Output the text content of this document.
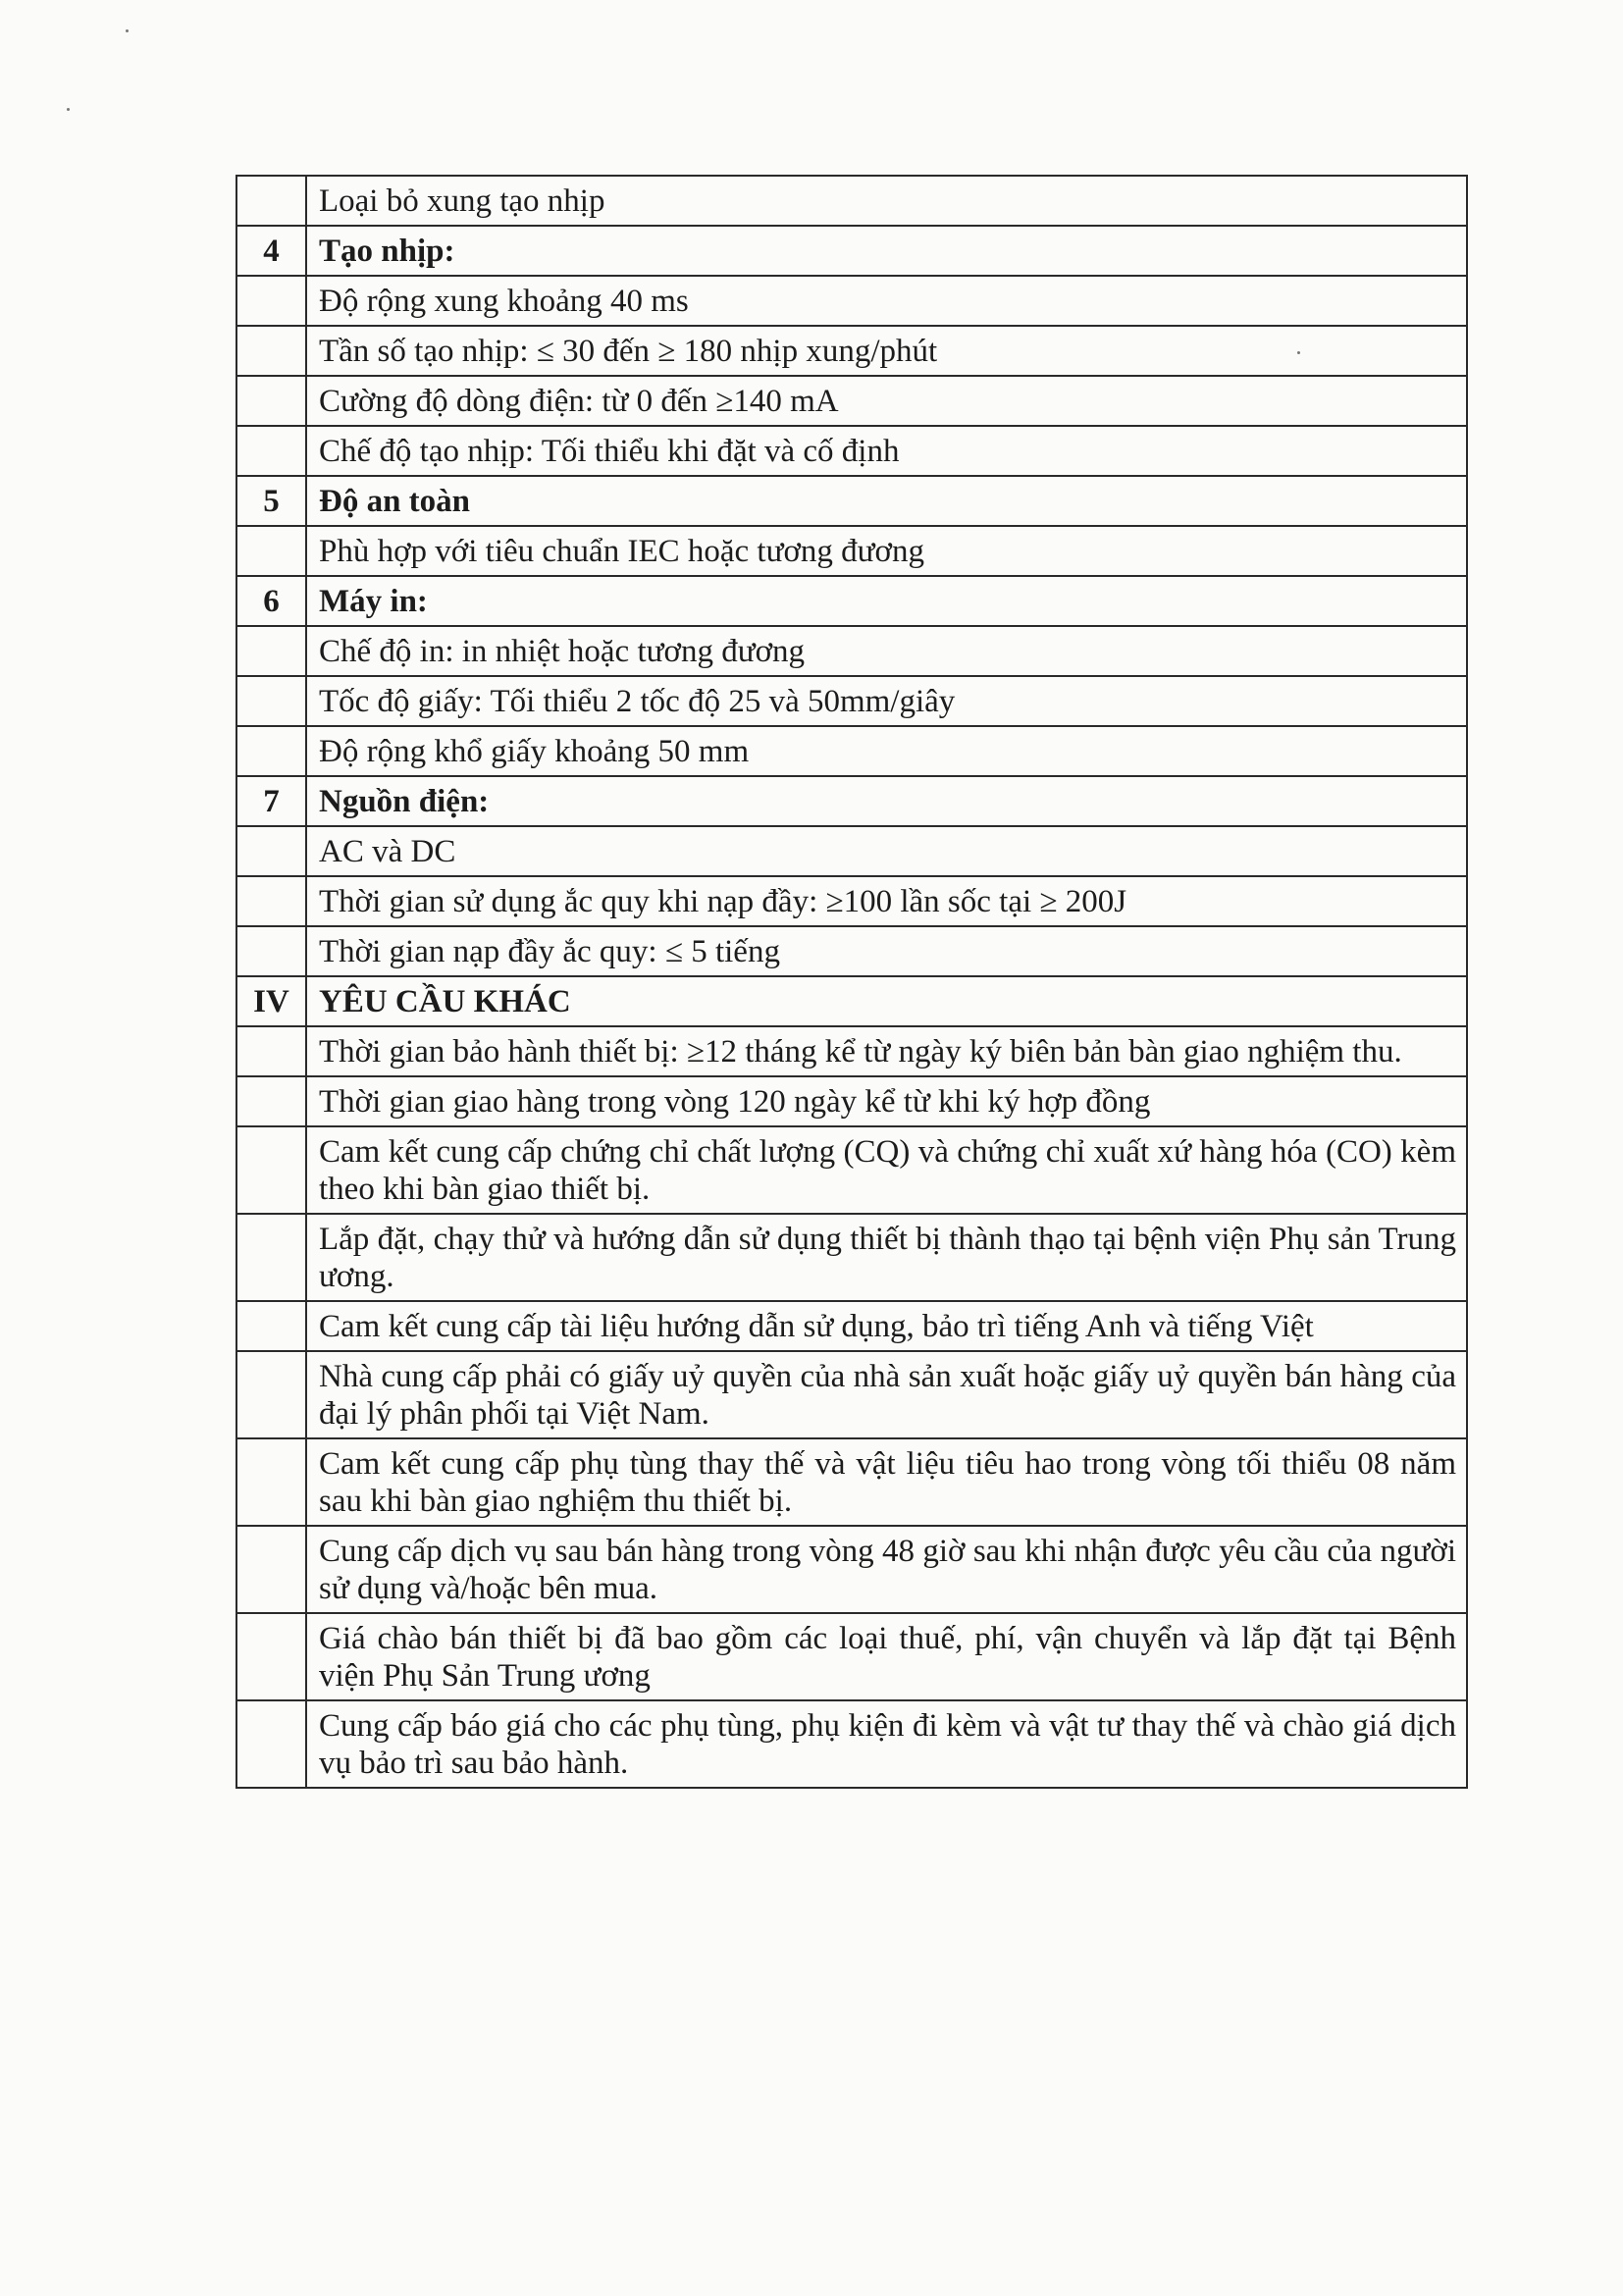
	Loại bỏ xung tạo nhịp
4	Tạo nhịp:
	Độ rộng xung khoảng 40 ms
	Tần số tạo nhịp: ≤ 30 đến ≥ 180 nhịp xung/phút
	Cường độ dòng điện: từ 0 đến ≥140 mA
	Chế độ tạo nhịp: Tối thiểu khi đặt và cố định
5	Độ an toàn
	Phù hợp với tiêu chuẩn IEC hoặc tương đương
6	Máy in:
	Chế độ in: in nhiệt hoặc tương đương
	Tốc độ giấy: Tối thiểu 2 tốc độ 25 và 50mm/giây
	Độ rộng khổ giấy khoảng 50 mm
7	Nguồn điện:
	AC và DC
	Thời gian sử dụng ắc quy khi nạp đầy: ≥100 lần sốc tại ≥ 200J
	Thời gian nạp đầy ắc quy: ≤ 5 tiếng
IV	YÊU CẦU KHÁC
	Thời gian bảo hành thiết bị: ≥12 tháng kể từ ngày ký biên bản bàn giao nghiệm thu.
	Thời gian giao hàng trong vòng 120 ngày kể từ khi ký hợp đồng
	Cam kết cung cấp chứng chỉ chất lượng (CQ) và chứng chỉ xuất xứ hàng hóa (CO) kèm theo khi bàn giao thiết bị.
	Lắp đặt, chạy thử và hướng dẫn sử dụng thiết bị thành thạo tại bệnh viện Phụ sản Trung ương.
	Cam kết cung cấp tài liệu hướng dẫn sử dụng, bảo trì tiếng Anh và tiếng Việt
	Nhà cung cấp phải có giấy uỷ quyền của nhà sản xuất hoặc giấy uỷ quyền bán hàng của đại lý phân phối tại Việt Nam.
	Cam kết cung cấp phụ tùng thay thế và vật liệu tiêu hao trong vòng tối thiểu 08 năm sau khi bàn giao nghiệm thu thiết bị.
	Cung cấp dịch vụ sau bán hàng trong vòng 48 giờ sau khi nhận được yêu cầu của người sử dụng và/hoặc bên mua.
	Giá chào bán thiết bị đã bao gồm các loại thuế, phí, vận chuyển và lắp đặt tại Bệnh viện Phụ Sản Trung ương
	Cung cấp báo giá cho các phụ tùng, phụ kiện đi kèm và vật tư thay thế và chào giá dịch vụ bảo trì sau bảo hành.
